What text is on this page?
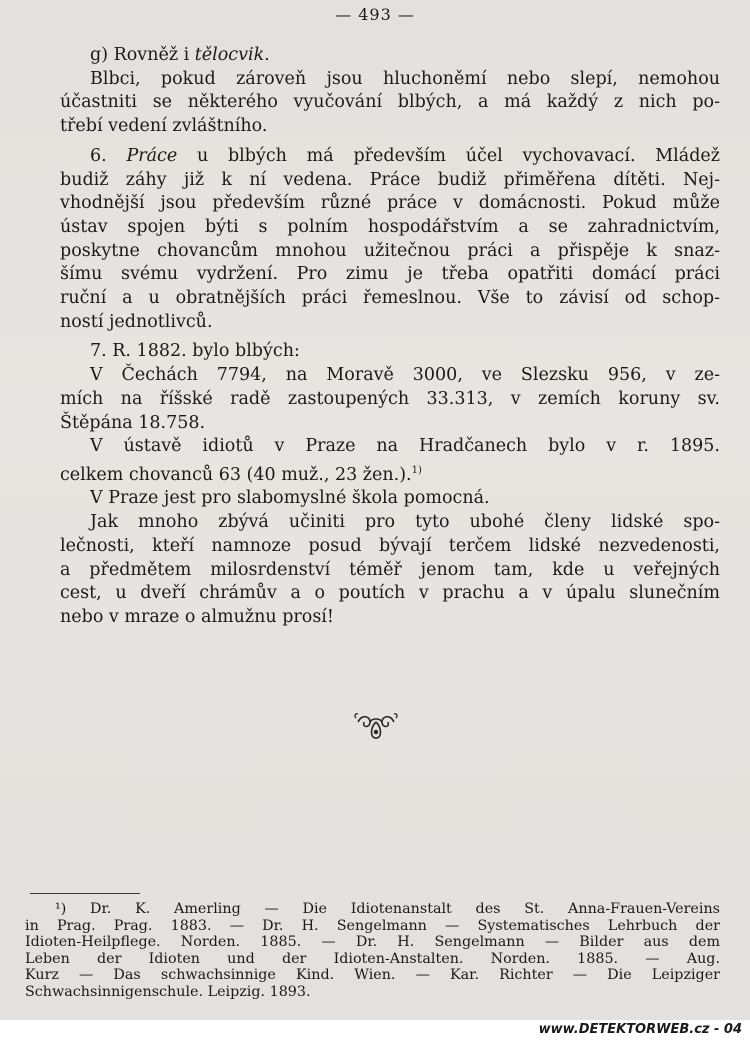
— 493 —
g) Rovněž i tělocvik.
Blbci, pokud zároveň jsou hluchoněmí nebo slepí, nemohou
účastniti se některého vyučování blbých, a má každý z nich po-
třebí vedení zvláštního.
6. Práce u blbých má především účel vychovavací. Mládež
budiž záhy již k ní vedena. Práce budiž přiměřena dítěti. Nej-
vhodnější jsou především různé práce v domácnosti. Pokud může
ústav spojen býti s polním hospodářstvím a se zahradnictvím,
poskytne chovancům mnohou užitečnou práci a přispěje k snaz-
šímu svému vydržení. Pro zimu je třeba opatřiti domácí práci
ruční a u obratnějších práci řemeslnou. Vše to závisí od schop-
ností jednotlivců.
7. R. 1882. bylo blbých:
V Čechách 7794, na Moravě 3000, ve Slezsku 956, v ze-
mích na říšské radě zastoupených 33.313, v zemích koruny sv.
Štěpána 18.758.
V ústavě idiotů v Praze na Hradčanech bylo v r. 1895.
celkem chovanců 63 (40 muž., 23 žen.).$^{1)}$
V Praze jest pro slabomyslné škola pomocná.
Jak mnoho zbývá učiniti pro tyto ubohé členy lidské spo-
lečnosti, kteří namnoze posud bývají terčem lidské nezvedenosti,
a předmětem milosrdenství téměř jenom tam, kde u veřejných
cest, u dveří chrámův a o poutích v prachu a v úpalu slunečním
nebo v mraze o almužnu prosí!
¹) Dr. K. Amerling — Die Idiotenanstalt des St. Anna-Frauen-Vereins
in Prag. Prag. 1883. — Dr. H. Sengelmann — Systematisches Lehrbuch der
Idioten-Heilpflege. Norden. 1885. — Dr. H. Sengelmann — Bilder aus dem
Leben der Idioten und der Idioten-Anstalten. Norden. 1885. — Aug.
Kurz — Das schwachsinnige Kind. Wien. — Kar. Richter — Die Leipziger
Schwachsinnigenschule. Leipzig. 1893.
www.DETEKTORWEB.cz - 04
